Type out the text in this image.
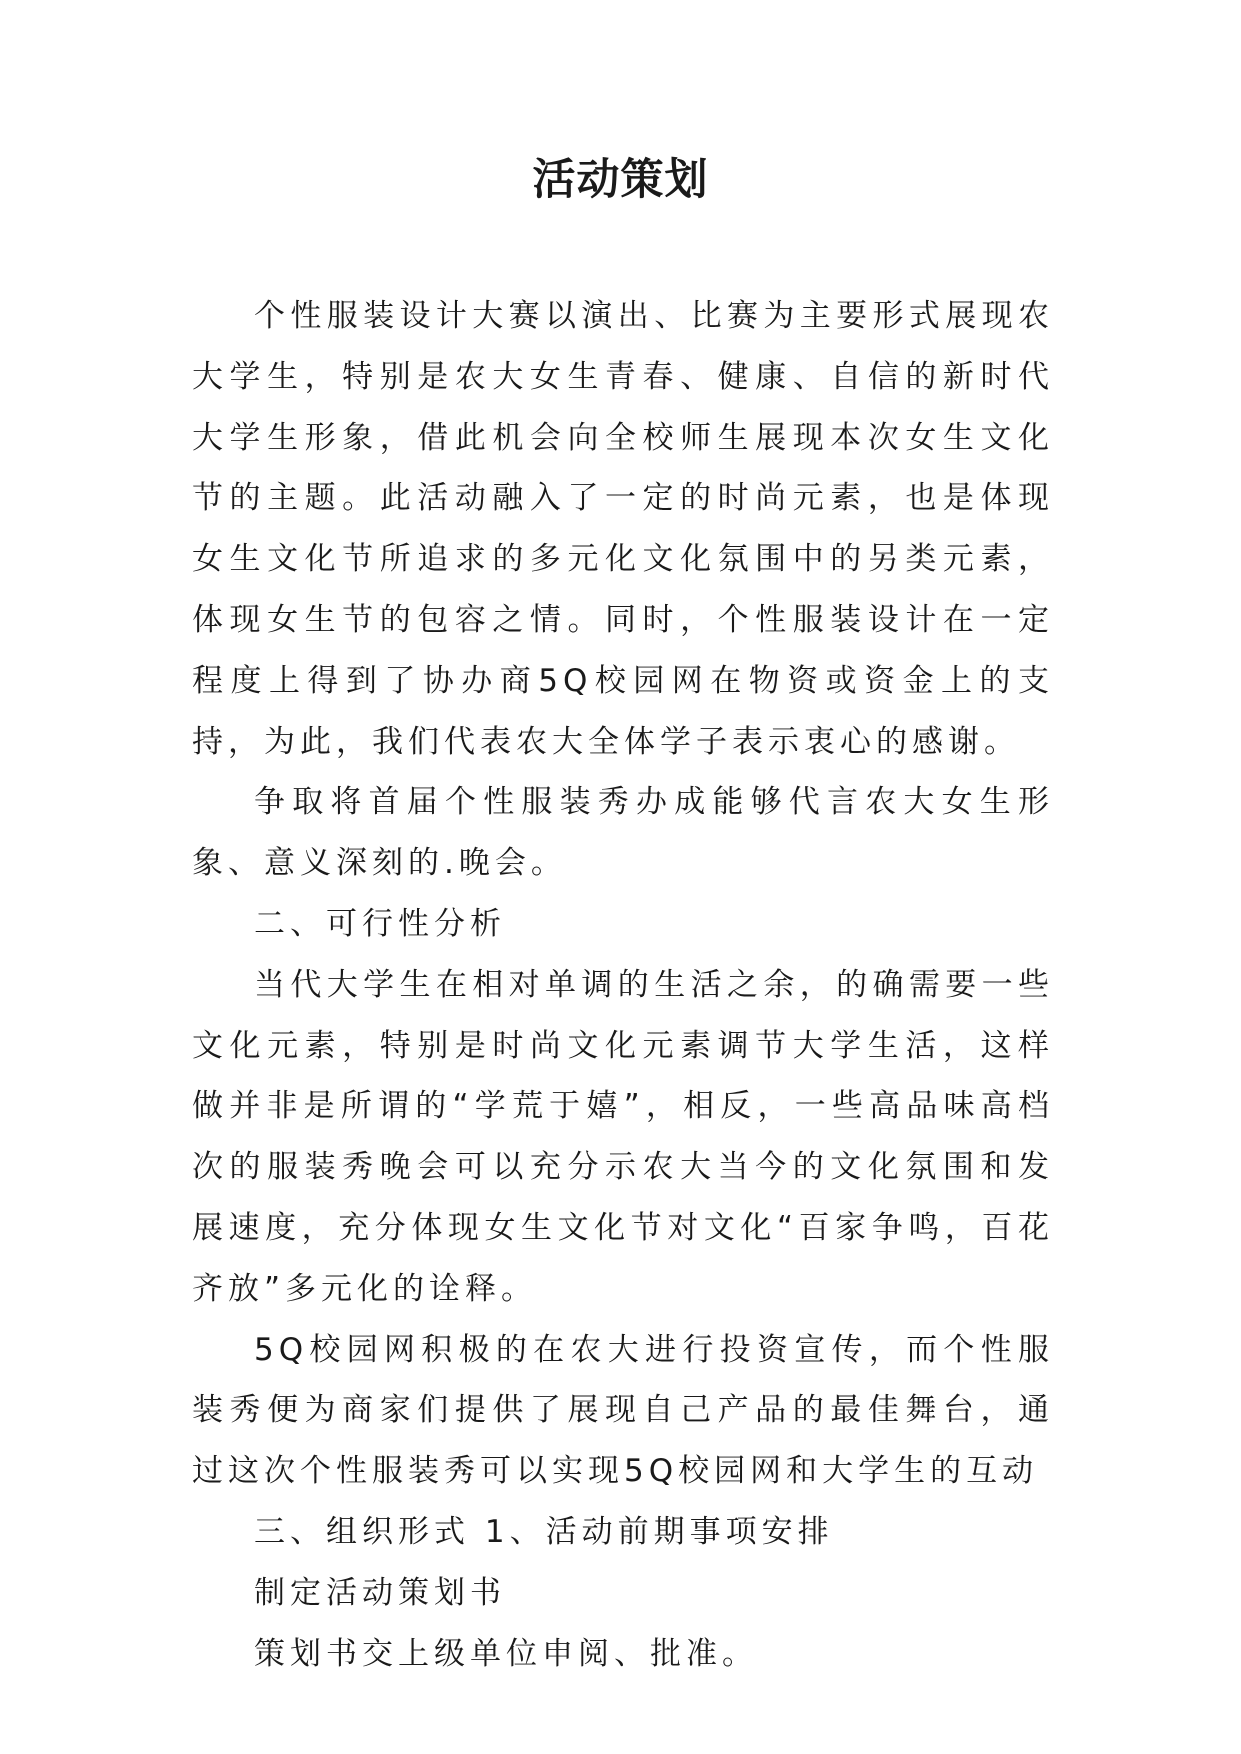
活动策划

个性服装设计大赛以演出、比赛为主要形式展现农大学生，特别是农大女生青春、健康、自信的新时代大学生形象，借此机会向全校师生展现本次女生文化节的主题。此活动融入了一定的时尚元素，也是体现女生文化节所追求的多元化文化氛围中的另类元素，体现女生节的包容之情。同时，个性服装设计在一定程度上得到了协办商5Q校园网在物资或资金上的支持，为此，我们代表农大全体学子表示衷心的感谢。

争取将首届个性服装秀办成能够代言农大女生形象、意义深刻的.晚会。

二、可行性分析

当代大学生在相对单调的生活之余，的确需要一些文化元素，特别是时尚文化元素调节大学生活，这样做并非是所谓的“学荒于嬉”，相反，一些高品味高档次的服装秀晚会可以充分示农大当今的文化氛围和发展速度，充分体现女生文化节对文化“百家争鸣，百花齐放”多元化的诠释。

5Q校园网积极的在农大进行投资宣传，而个性服装秀便为商家们提供了展现自己产品的最佳舞台，通过这次个性服装秀可以实现5Q校园网和大学生的互动

三、组织形式 1、活动前期事项安排

制定活动策划书

策划书交上级单位申阅、批准。
